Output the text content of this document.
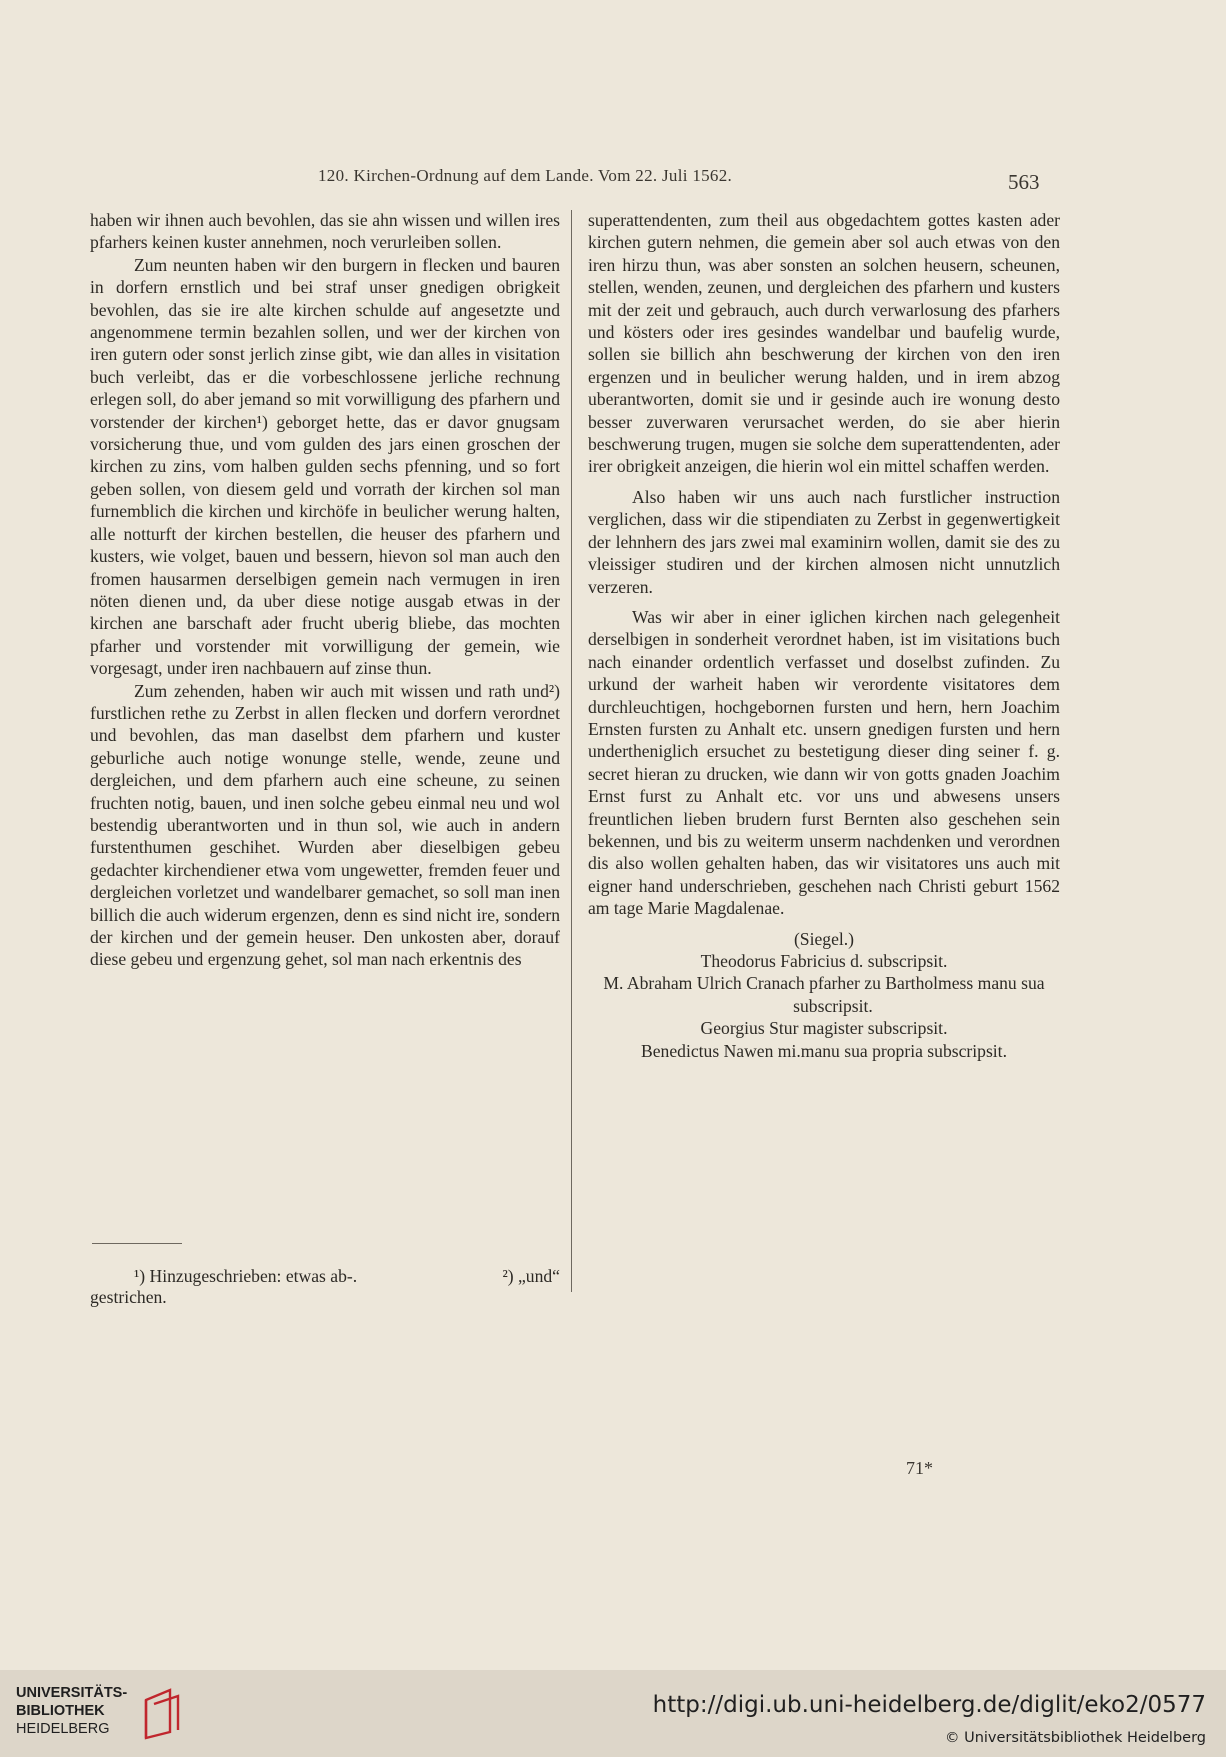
120. Kirchen-Ordnung auf dem Lande. Vom 22. Juli 1562.	563

haben wir ihnen auch bevohlen, das sie ahn wissen und willen ires pfarhers keinen kuster annehmen, noch verurleiben sollen.

Zum neunten haben wir den burgern in flecken und bauren in dorfern ernstlich und bei straf unser gnedigen obrigkeit bevohlen, das sie ire alte kirchen schulde auf angesetzte und angenommene termin bezahlen sollen, und wer der kirchen von iren gutern oder sonst jerlich zinse gibt, wie dan alles in visitation buch verleibt, das er die vorbeschlossene jerliche rechnung erlegen soll, do aber jemand so mit vorwilligung des pfarhern und vorstender der kirchen¹) geborget hette, das er davor gnugsam vorsicherung thue, und vom gulden des jars einen groschen der kirchen zu zins, vom halben gulden sechs pfenning, und so fort geben sollen, von diesem geld und vorrath der kirchen sol man furnemblich die kirchen und kirchöfe in beulicher werung halten, alle notturft der kirchen bestellen, die heuser des pfarhern und kusters, wie volget, bauen und bessern, hievon sol man auch den fromen hausarmen derselbigen gemein nach vermugen in iren nöten dienen und, da uber diese notige ausgab etwas in der kirchen ane barschaft ader frucht uberig bliebe, das mochten pfarher und vorstender mit vorwilligung der gemein, wie vorgesagt, under iren nachbauern auf zinse thun.

Zum zehenden, haben wir auch mit wissen und rath und²) furstlichen rethe zu Zerbst in allen flecken und dorfern verordnet und bevohlen, das man daselbst dem pfarhern und kuster geburliche auch notige wonunge stelle, wende, zeune und dergleichen, und dem pfarhern auch eine scheune, zu seinen fruchten notig, bauen, und inen solche gebeu einmal neu und wol bestendig uberantworten und in thun sol, wie auch in andern furstenthumen geschihet. Wurden aber dieselbigen gebeu gedachter kirchendiener etwa vom ungewetter, fremden feuer und dergleichen vorletzet und wandelbarer gemachet, so soll man inen billich die auch widerum ergenzen, denn es sind nicht ire, sondern der kirchen und der gemein heuser. Den unkosten aber, dorauf diese gebeu und ergenzung gehet, sol man nach erkentnis des

superattendenten, zum theil aus obgedachtem gottes kasten ader kirchen gutern nehmen, die gemein aber sol auch etwas von den iren hirzu thun, was aber sonsten an solchen heusern, scheunen, stellen, wenden, zeunen, und dergleichen des pfarhern und kusters mit der zeit und gebrauch, auch durch verwarlosung des pfarhers und kösters oder ires gesindes wandelbar und baufelig wurde, sollen sie billich ahn beschwerung der kirchen von den iren ergenzen und in beulicher werung halden, und in irem abzog uberantworten, domit sie und ir gesinde auch ire wonung desto besser zuverwaren verursachet werden, do sie aber hierin beschwerung trugen, mugen sie solche dem superattendenten, ader irer obrigkeit anzeigen, die hierin wol ein mittel schaffen werden.

Also haben wir uns auch nach furstlicher instruction verglichen, dass wir die stipendiaten zu Zerbst in gegenwertigkeit der lehnhern des jars zwei mal examinirn wollen, damit sie des zu vleissiger studiren und der kirchen almosen nicht unnutzlich verzeren.

Was wir aber in einer iglichen kirchen nach gelegenheit derselbigen in sonderheit verordnet haben, ist im visitations buch nach einander ordentlich verfasset und doselbst zufinden. Zu urkund der warheit haben wir verordente visitatores dem durchleuchtigen, hochgebornen fursten und hern, hern Joachim Ernsten fursten zu Anhalt etc. unsern gnedigen fursten und hern undertheniglich ersuchet zu bestetigung dieser ding seiner f. g. secret hieran zu drucken, wie dann wir von gotts gnaden Joachim Ernst furst zu Anhalt etc. vor uns und abwesens unsers freuntlichen lieben brudern furst Bernten also geschehen sein bekennen, und bis zu weiterm unserm nachdenken und verordnen dis also wollen gehalten haben, das wir visitatores uns auch mit eigner hand underschrieben, geschehen nach Christi geburt 1562 am tage Marie Magdalenae.

(Siegel.)

Theodorus Fabricius d. subscripsit.

M. Abraham Ulrich Cranach pfarher zu Bartholmess manu sua subscripsit.

Georgius Stur magister subscripsit.

Benedictus Nawen mi.manu sua propria subscripsit.

¹) Hinzugeschrieben: etwas ab-.	²) „und“
gestrichen.
71*
UNIVERSITÄTS-
BIBLIOTHEK
HEIDELBERG
http://digi.ub.uni-heidelberg.de/diglit/eko2/0577
© Universitätsbibliothek Heidelberg
